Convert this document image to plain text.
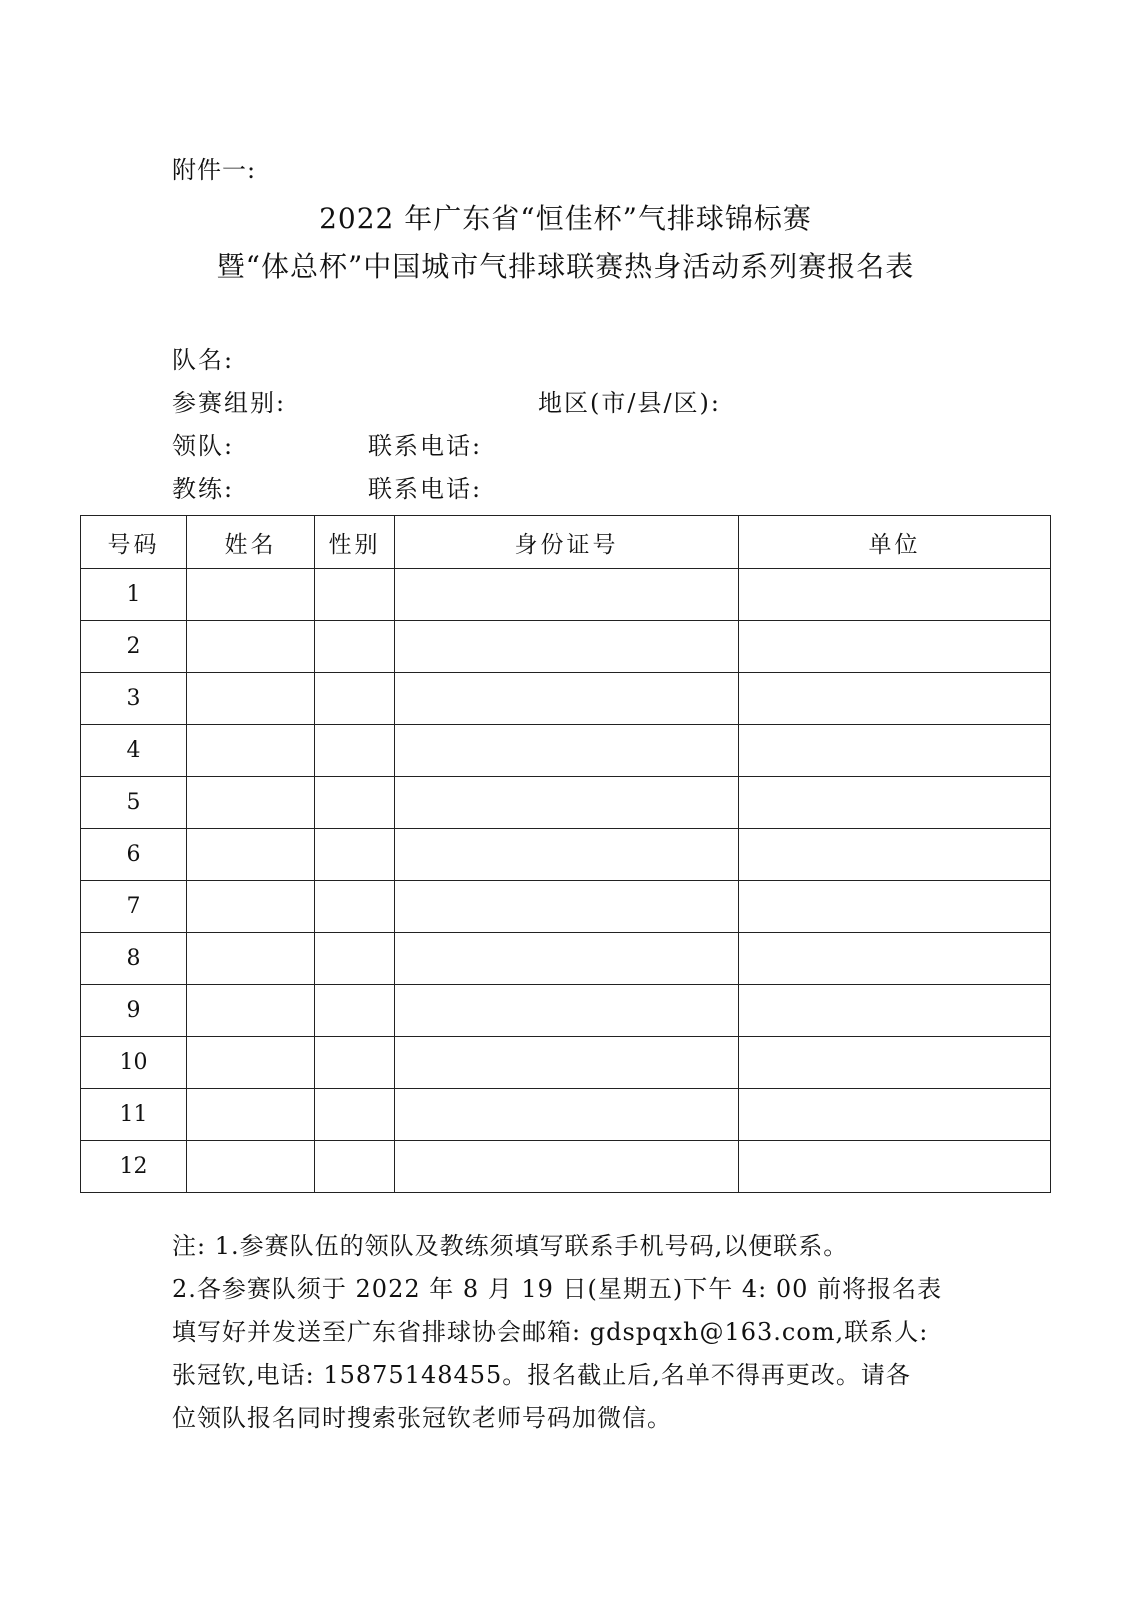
附件一:
2022 年广东省“恒佳杯”气排球锦标赛
暨“体总杯”中国城市气排球联赛热身活动系列赛报名表
队名:
参赛组别:	地区(市/县/区):
领队:	联系电话:
教练:	联系电话:
号码	姓名	性别	身份证号	单位
1				
2				
3				
4				
5				
6				
7				
8				
9				
10				
11				
12				
注: 1.参赛队伍的领队及教练须填写联系手机号码,以便联系。
2.各参赛队须于 2022 年 8 月 19 日(星期五)下午 4: 00 前将报名表
填写好并发送至广东省排球协会邮箱: gdspqxh@163.com,联系人:
张冠钦,电话: 15875148455。报名截止后,名单不得再更改。请各
位领队报名同时搜索张冠钦老师号码加微信。
